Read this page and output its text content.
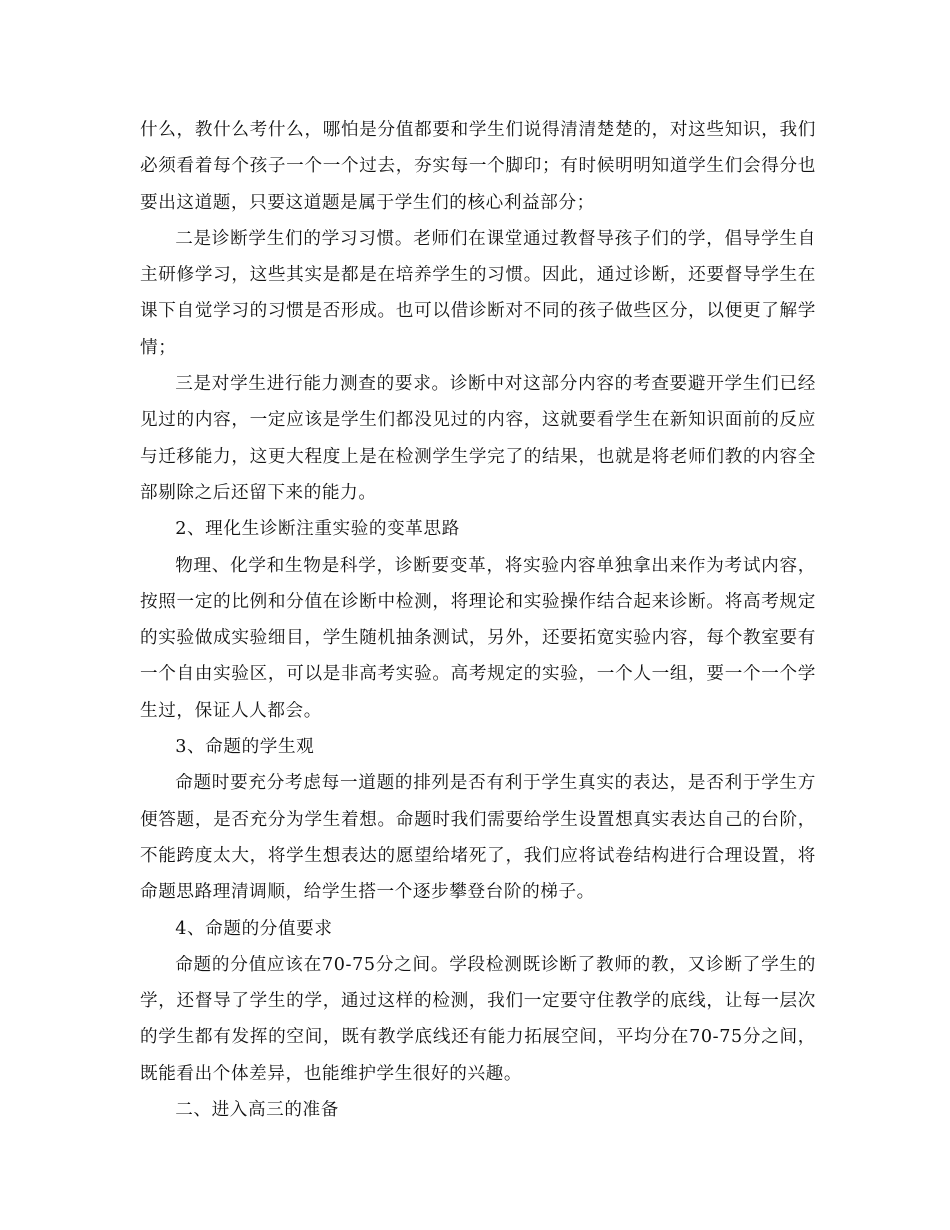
什么，教什么考什么，哪怕是分值都要和学生们说得清清楚楚的，对这些知识，我们必须看着每个孩子一个一个过去，夯实每一个脚印；有时候明明知道学生们会得分也要出这道题，只要这道题是属于学生们的核心利益部分；

二是诊断学生们的学习习惯。老师们在课堂通过教督导孩子们的学，倡导学生自主研修学习，这些其实是都是在培养学生的习惯。因此，通过诊断，还要督导学生在课下自觉学习的习惯是否形成。也可以借诊断对不同的孩子做些区分，以便更了解学情；

三是对学生进行能力测查的要求。诊断中对这部分内容的考查要避开学生们已经见过的内容，一定应该是学生们都没见过的内容，这就要看学生在新知识面前的反应与迁移能力，这更大程度上是在检测学生学完了的结果，也就是将老师们教的内容全部剔除之后还留下来的能力。

2、理化生诊断注重实验的变革思路

物理、化学和生物是科学，诊断要变革，将实验内容单独拿出来作为考试内容，按照一定的比例和分值在诊断中检测，将理论和实验操作结合起来诊断。将高考规定的实验做成实验细目，学生随机抽条测试，另外，还要拓宽实验内容，每个教室要有一个自由实验区，可以是非高考实验。高考规定的实验，一个人一组，要一个一个学生过，保证人人都会。

3、命题的学生观

命题时要充分考虑每一道题的排列是否有利于学生真实的表达，是否利于学生方便答题，是否充分为学生着想。命题时我们需要给学生设置想真实表达自己的台阶，不能跨度太大，将学生想表达的愿望给堵死了，我们应将试卷结构进行合理设置，将命题思路理清调顺，给学生搭一个逐步攀登台阶的梯子。

4、命题的分值要求

命题的分值应该在70-75分之间。学段检测既诊断了教师的教，又诊断了学生的学，还督导了学生的学，通过这样的检测，我们一定要守住教学的底线，让每一层次的学生都有发挥的空间，既有教学底线还有能力拓展空间，平均分在70-75分之间，既能看出个体差异，也能维护学生很好的兴趣。

二、进入高三的准备
